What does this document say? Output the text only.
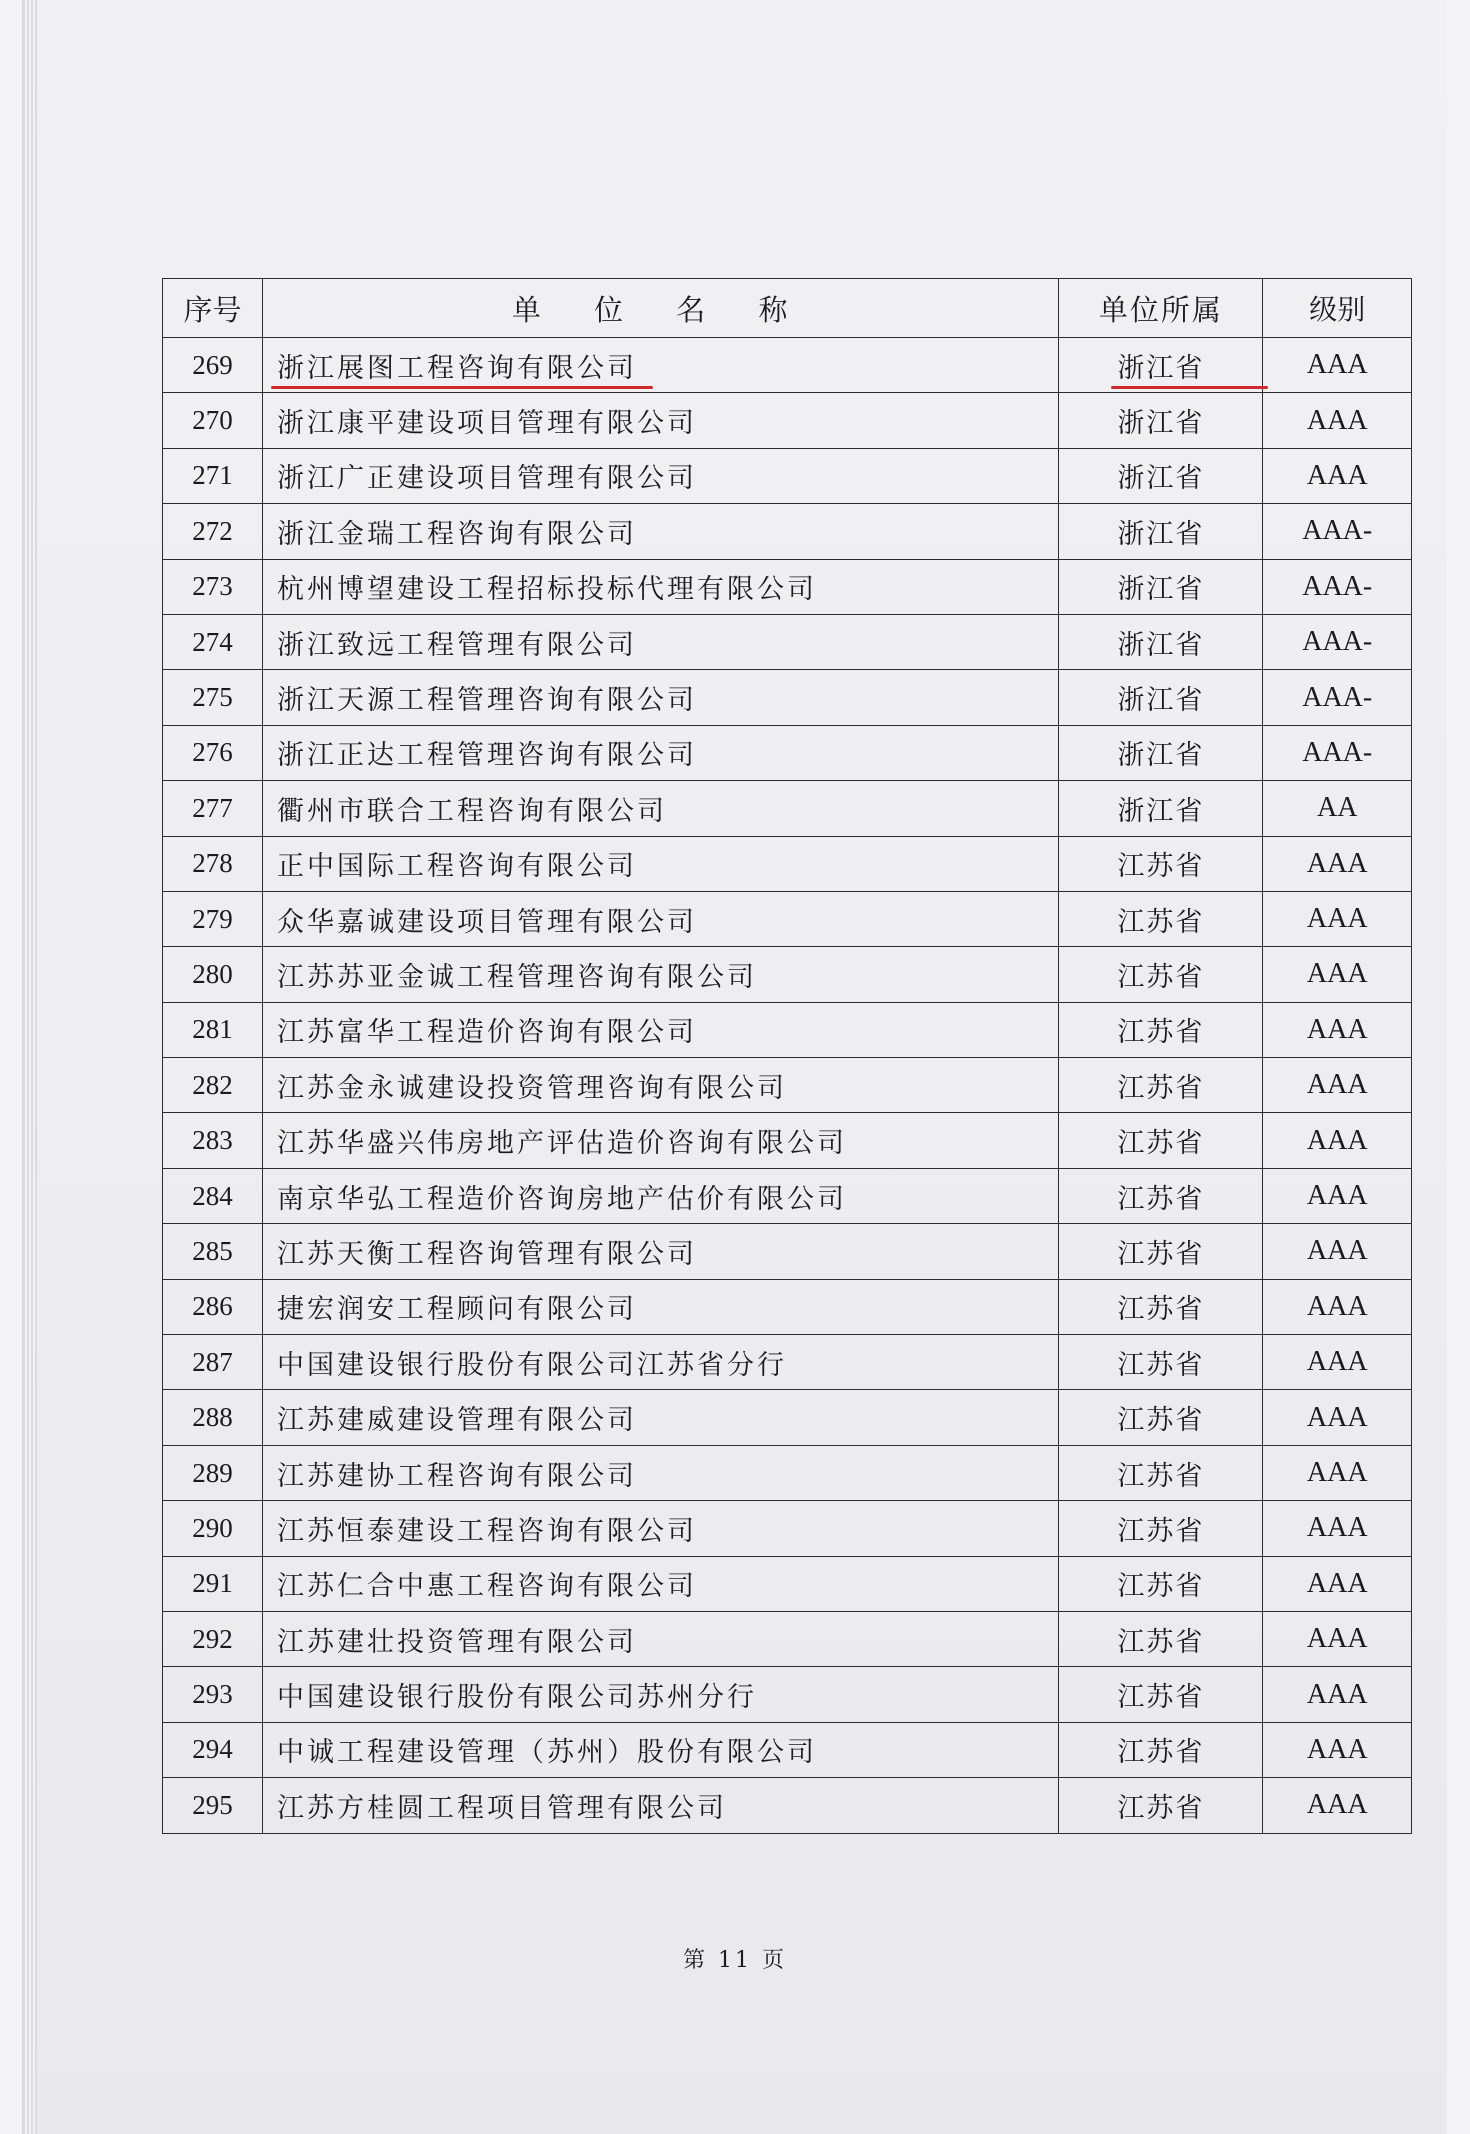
序号	单 位 名 称	单位所属	级别
269	浙江展图工程咨询有限公司	浙江省	AAA
270	浙江康平建设项目管理有限公司	浙江省	AAA
271	浙江广正建设项目管理有限公司	浙江省	AAA
272	浙江金瑞工程咨询有限公司	浙江省	AAA-
273	杭州博望建设工程招标投标代理有限公司	浙江省	AAA-
274	浙江致远工程管理有限公司	浙江省	AAA-
275	浙江天源工程管理咨询有限公司	浙江省	AAA-
276	浙江正达工程管理咨询有限公司	浙江省	AAA-
277	衢州市联合工程咨询有限公司	浙江省	AA
278	正中国际工程咨询有限公司	江苏省	AAA
279	众华嘉诚建设项目管理有限公司	江苏省	AAA
280	江苏苏亚金诚工程管理咨询有限公司	江苏省	AAA
281	江苏富华工程造价咨询有限公司	江苏省	AAA
282	江苏金永诚建设投资管理咨询有限公司	江苏省	AAA
283	江苏华盛兴伟房地产评估造价咨询有限公司	江苏省	AAA
284	南京华弘工程造价咨询房地产估价有限公司	江苏省	AAA
285	江苏天衡工程咨询管理有限公司	江苏省	AAA
286	捷宏润安工程顾问有限公司	江苏省	AAA
287	中国建设银行股份有限公司江苏省分行	江苏省	AAA
288	江苏建威建设管理有限公司	江苏省	AAA
289	江苏建协工程咨询有限公司	江苏省	AAA
290	江苏恒泰建设工程咨询有限公司	江苏省	AAA
291	江苏仁合中惠工程咨询有限公司	江苏省	AAA
292	江苏建壮投资管理有限公司	江苏省	AAA
293	中国建设银行股份有限公司苏州分行	江苏省	AAA
294	中诚工程建设管理（苏州）股份有限公司	江苏省	AAA
295	江苏方桂圆工程项目管理有限公司	江苏省	AAA
第 11 页
